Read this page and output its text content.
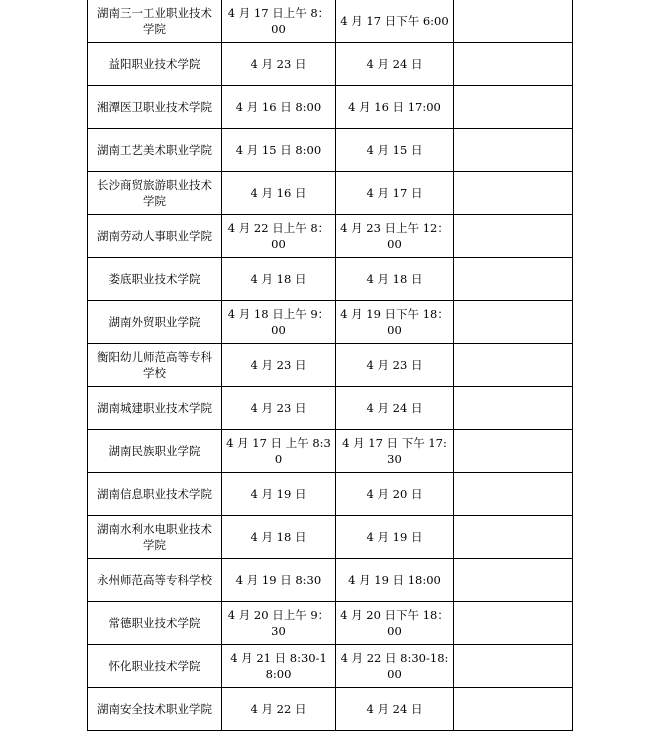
湖南三一工业职业技术学院	4 月 17 日上午 8：00	4 月 17 日下午 6:00	
益阳职业技术学院	4 月 23 日	4 月 24 日	
湘潭医卫职业技术学院	4 月 16 日 8:00	4 月 16 日 17:00	
湖南工艺美术职业学院	4 月 15 日 8:00	4 月 15 日	
长沙商贸旅游职业技术学院	4 月 16 日	4 月 17 日	
湖南劳动人事职业学院	4 月 22 日上午 8：00	4 月 23 日上午 12：00	
娄底职业技术学院	4 月 18 日	4 月 18 日	
湖南外贸职业学院	4 月 18 日上午 9：00	4 月 19 日下午 18：00	
衡阳幼儿师范高等专科学校	4 月 23 日	4 月 23 日	
湖南城建职业技术学院	4 月 23 日	4 月 24 日	
湖南民族职业学院	4 月 17 日 上午 8:30	4 月 17 日 下午 17:30	
湖南信息职业技术学院	4 月 19 日	4 月 20 日	
湖南水利水电职业技术学院	4 月 18 日	4 月 19 日	
永州师范高等专科学校	4 月 19 日 8:30	4 月 19 日 18:00	
常德职业技术学院	4 月 20 日上午 9：30	4 月 20 日下午 18：00	
怀化职业技术学院	4 月 21 日 8:30-18:00	4 月 22 日 8:30-18:00	
湖南安全技术职业学院	4 月 22 日	4 月 24 日	
